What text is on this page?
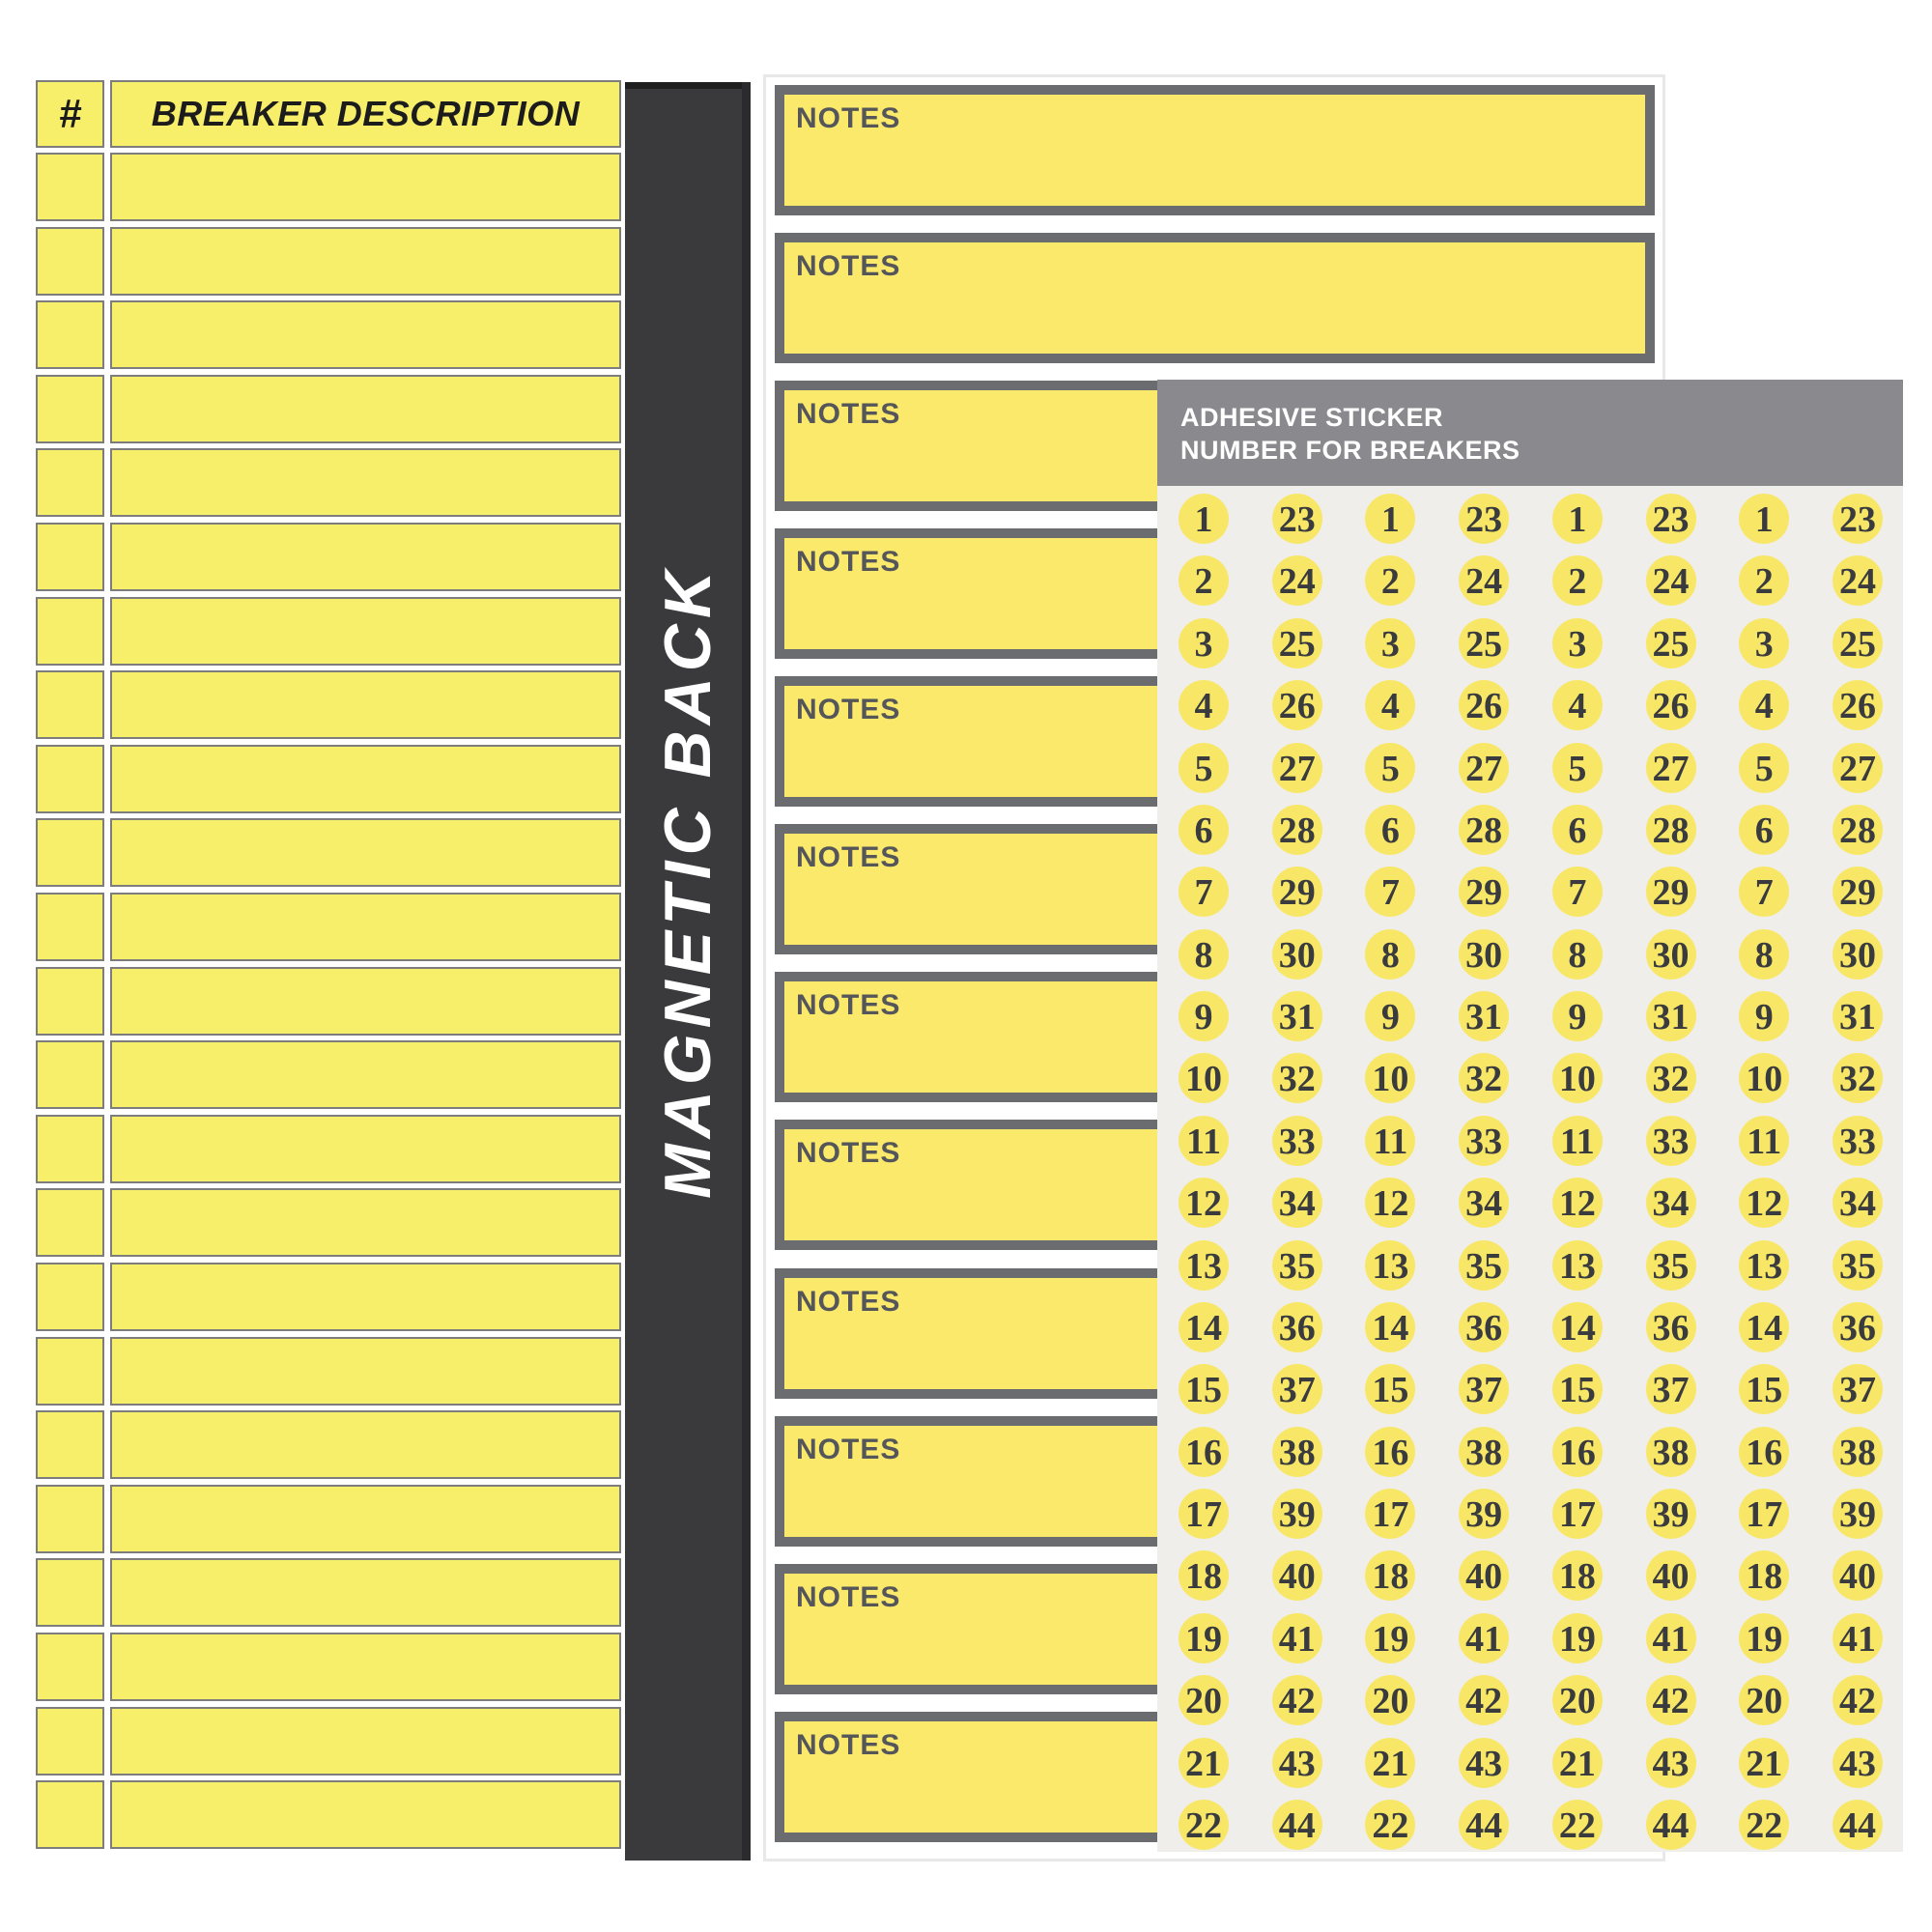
#	BREAKER DESCRIPTION
MAGNETIC BACK
NOTES
NOTES
NOTES
NOTES
NOTES
NOTES
NOTES
NOTES
NOTES
NOTES
NOTES
NOTES
ADHESIVE STICKER
NUMBER FOR BREAKERS
1	23	1	23	1	23	1	23
2	24	2	24	2	24	2	24
3	25	3	25	3	25	3	25
4	26	4	26	4	26	4	26
5	27	5	27	5	27	5	27
6	28	6	28	6	28	6	28
7	29	7	29	7	29	7	29
8	30	8	30	8	30	8	30
9	31	9	31	9	31	9	31
10 32 10 32 10 32 10 32
11 33 11 33 11 33 11 33
12 34 12 34 12 34 12 34
13 35 13 35 13 35 13 35
14 36 14 36 14 36 14 36
15 37 15 37 15 37 15 37
16 38 16 38 16 38 16 38
17 39 17 39 17 39 17 39
18 40 18 40 18 40 18 40
19 41 19 41 19 41 19 41
20 42 20 42 20 42 20 42
21 43 21 43 21 43 21 43
22 44 22 44 22 44 22 44
